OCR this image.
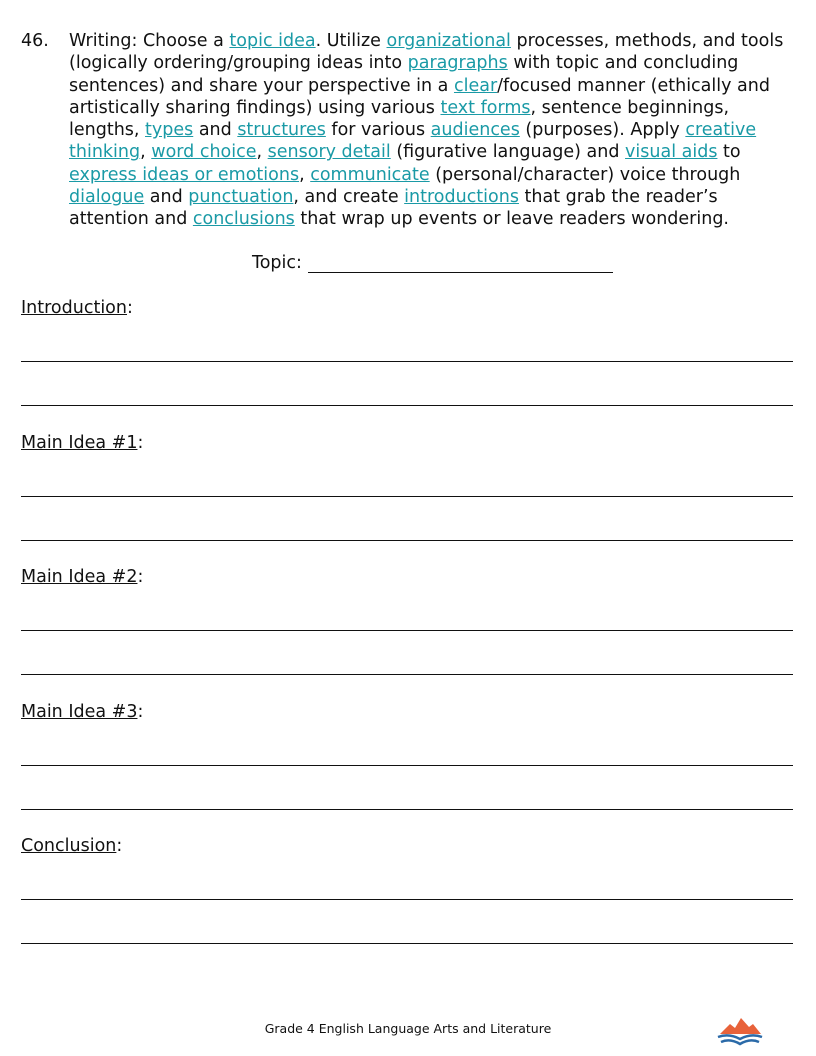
46.	Writing: Choose a topic idea. Utilize organizational processes, methods, and tools (logically ordering/grouping ideas into paragraphs with topic and concluding sentences) and share your perspective in a clear/focused manner (ethically and artistically sharing findings) using various text forms, sentence beginnings, lengths, types and structures for various audiences (purposes). Apply creative thinking, word choice, sensory detail (figurative language) and visual aids to express ideas or emotions, communicate (personal/character) voice through dialogue and punctuation, and create introductions that grab the reader’s attention and conclusions that wrap up events or leave readers wondering.
Topic:
Introduction:
Main Idea #1:
Main Idea #2:
Main Idea #3:
Conclusion:
Grade 4 English Language Arts and Literature
